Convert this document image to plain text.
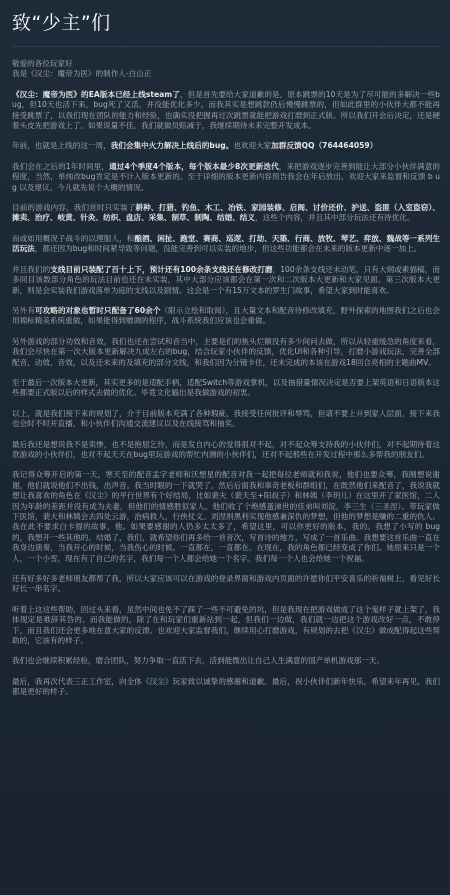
致“少主”们

敬爱的各位玩家好

我是《汉尘：魔帝为医》的制作人-白山正

《汉尘：魔帝为医》的EA版本已经上线steam了，但是首先要给大家道歉的是，原本跳票的10天是为了尽可能的多解决一些bug，但10天也活下来，bug死了又活，并没能优化多少。而我其实是想跳款仍后慢慢跳票的，但如此群里的小伙伴大都不能再接受跳票了，以我们现在团队的能力和经验，也确实没把握再过次跳票就能把游戏打磨到正式版。所以我们开会后决定，还是硬着头皮先把游戏上了。如果说量不佳，我们就做员赔减于，我继续期待未来完整开发成本。

年前，也就是上线的这一周，我们会集中火力解决上线后的bug。也欢迎大家加群反馈QQ（764464059）

我们会在之后的1年时间里，通过4个季度4个版本，每个版本最少8次更新迭代，来把游戏逐步完善到能让大部分小伙伴满意的程度，当然，单纯改bug肯定是不计入版本更新的。至于详细的版本更新内容预告我会在年后放出，欢迎大家来监督和反馈 b u g 以及建议。今儿就先说个大概的情况。

目前的游戏内容，我们首时只实装了耕种、打猎、钓鱼、木工、冶铁、家园装修、启阁、讨价还价、护送、盗匪（入室盗窃）、摊卖、治疗、岐黄、针灸、纺织、盘店、采集、制草、制陶、结婚、结义，这些个内容，并且其中部分玩法还有待优化。

而或如用概况子战斗的以理服人，和酿酒、闲扯、跑堂、赛商、巡逻、打劫、天築、行商、放牧、琴艺、弈放、魏战等一系列生活玩法，都还因为bug和时间紧导致等问题，没能完善到可以实装的地步，但这些功能都会在未来的版本更新中逐一加上。

并且我们的支线目前只装配了百十上下，预计还有100余条支线还在修改打磨，100余条支线还未动笔，只有大纲或素描稿，而多同目该数部分角色的玩法目前也还在未实装，其中大部分应该都会在第一次和二次版本大更新和大家见面。第三次版本大更新，则是会实装我们游戏落单为庭的支线以及剧情。这会是一个有15万文本的罗生门故事，希望大家到时能喜欢。

另外有可攻略的对象也暂时只配备了60余个（限示立绘和取阅），且大量文本和配音待修改填充，野外探索的地图我们之后也会用棉标精美系统重做，如果能得到赠调的程序，战斗系统我们应该也会重做。

另外游戏的部分功效和音效，我们也还在尝试和音当中，主要是们的焦头烂额没有多少间问去做，所以从轻重缓急的角度来看，我们会尽快在第一次大版本更新解决九成左右的bug，结合玩家小伙伴的反馈，优化UI和各种引导，打磨小游戏玩法，完善全部配音，动效、音效，以及还未来的及填充的部分文线，和我们因为分镜卡住，还未完成的本该在游戏18回合亮相的主题曲MV。

至于最后一次版本大更新，其实更多的是适配手柄，适配Switch等游戏掌机，以及抽猎量情况决定是否要上架英语和日语版本这些都要正式版以后的样式去做的优化。毕竟文化输出是我做游戏的初衷。

以上，就是我们接下来的规划了，介于目前版本充满了各种瑕疵，我接受任何批评和辱骂，但请不要上升到家人层面，接下来我也会时不时开直播，和小伙伴们沟通交流建议以及在线接骂和抽奖。

最后我还是想说我不是卖惨，也不是抱屈乞怜，而是发自内心的觉得很对不起，对不起众筹支持我的小伙伴们，对不起期待着这款游戏的小伙伴们，也对不起天天在bug里玩游戏的帮忙内测的小伙伴们，还对不起那些在开发过程中那么多帮我的朋友们。

我记得众筹开启的第一天，寒天至的配音孟字老师和沃想星的配音对我一起把每位老师就和我说，他们也要众筹，我刚想说谢谢，他们就说他们不出钱，出声音。我当时眼的一下就哭了。然后后面我和辜奇老板和群组们，在既然他们来配音了，我说我就想让我喜欢的角色在《汉尘》的平行世界有个好结局，比如裴夫（裴天至+阳叔子）和林姨（李玥儿）在这里开了家医馆，二人因为年龄的差距并没有成为夫妻，但他们的情感胜似家人。他们收了个绝感蛋涕世的佳弟叫刘淀，李三生（三圣涅）。带玩家做下医馆，裴大和林姨会去四处云游，治病救人，行侠仗义。刘涅则黑利实现他感兼深仇的梦想，但他的梦想是赚的二重的仇人。我在此不要求白卡提的故事，他。如果要感谢的人仍多太太多了，希望这里，可以你更好的版本，我的。我想了小写的 bug 的，我想开一些其他的。结婚了，我们，就希望你们再多给一首音次，写首诗的地方，写成了一首乐曲。我想要这首乐曲一直在我身边演奏，当我开心的时候，当我伤心的时候。一直都在，一直都在。在现在，我的角色都已经变成了你们。她原来只是一个人，一个小雪，现在有了自己的名字，我们每一个人都会给她一个名字。我们每一个人也会给她一个祝福。

还有好多好多老师朋友都帮了我，所以大家应该可以在游戏的登录界面和游戏内页面的许愿你们平安喜乐的祈福树上，看见好长好长一串名字。

听着上这这些帮助，回过头来看，虽然中间也免不了踩了一些不可避免的坑，但是我现在把游戏做成了这个鬼样子就上架了，我体现定是难辞其咎的。而我能做的，除了在和玩家们重新站到一起，但我们一边做，我们就一边把这个游戏改好一点，不敢停下，而且我们还会更多地在意大家的反馈。也欢迎大家监督我们，继续用心打磨游戏，有规划的去把《汉尘》做成配得起这些帮助的，它该有的样子。

我们也会继续积累经验，磨合团队，努力争取一直活下去，活到能微出让自己人生满意的国产单机游戏那一天。

最后，我再次代表三正工作室，向全体《汉尘》玩家致以诚挚的感谢和道歉。最后，祝小伙伴们新年快乐，希望来年再见，我们都是更好的样子。
